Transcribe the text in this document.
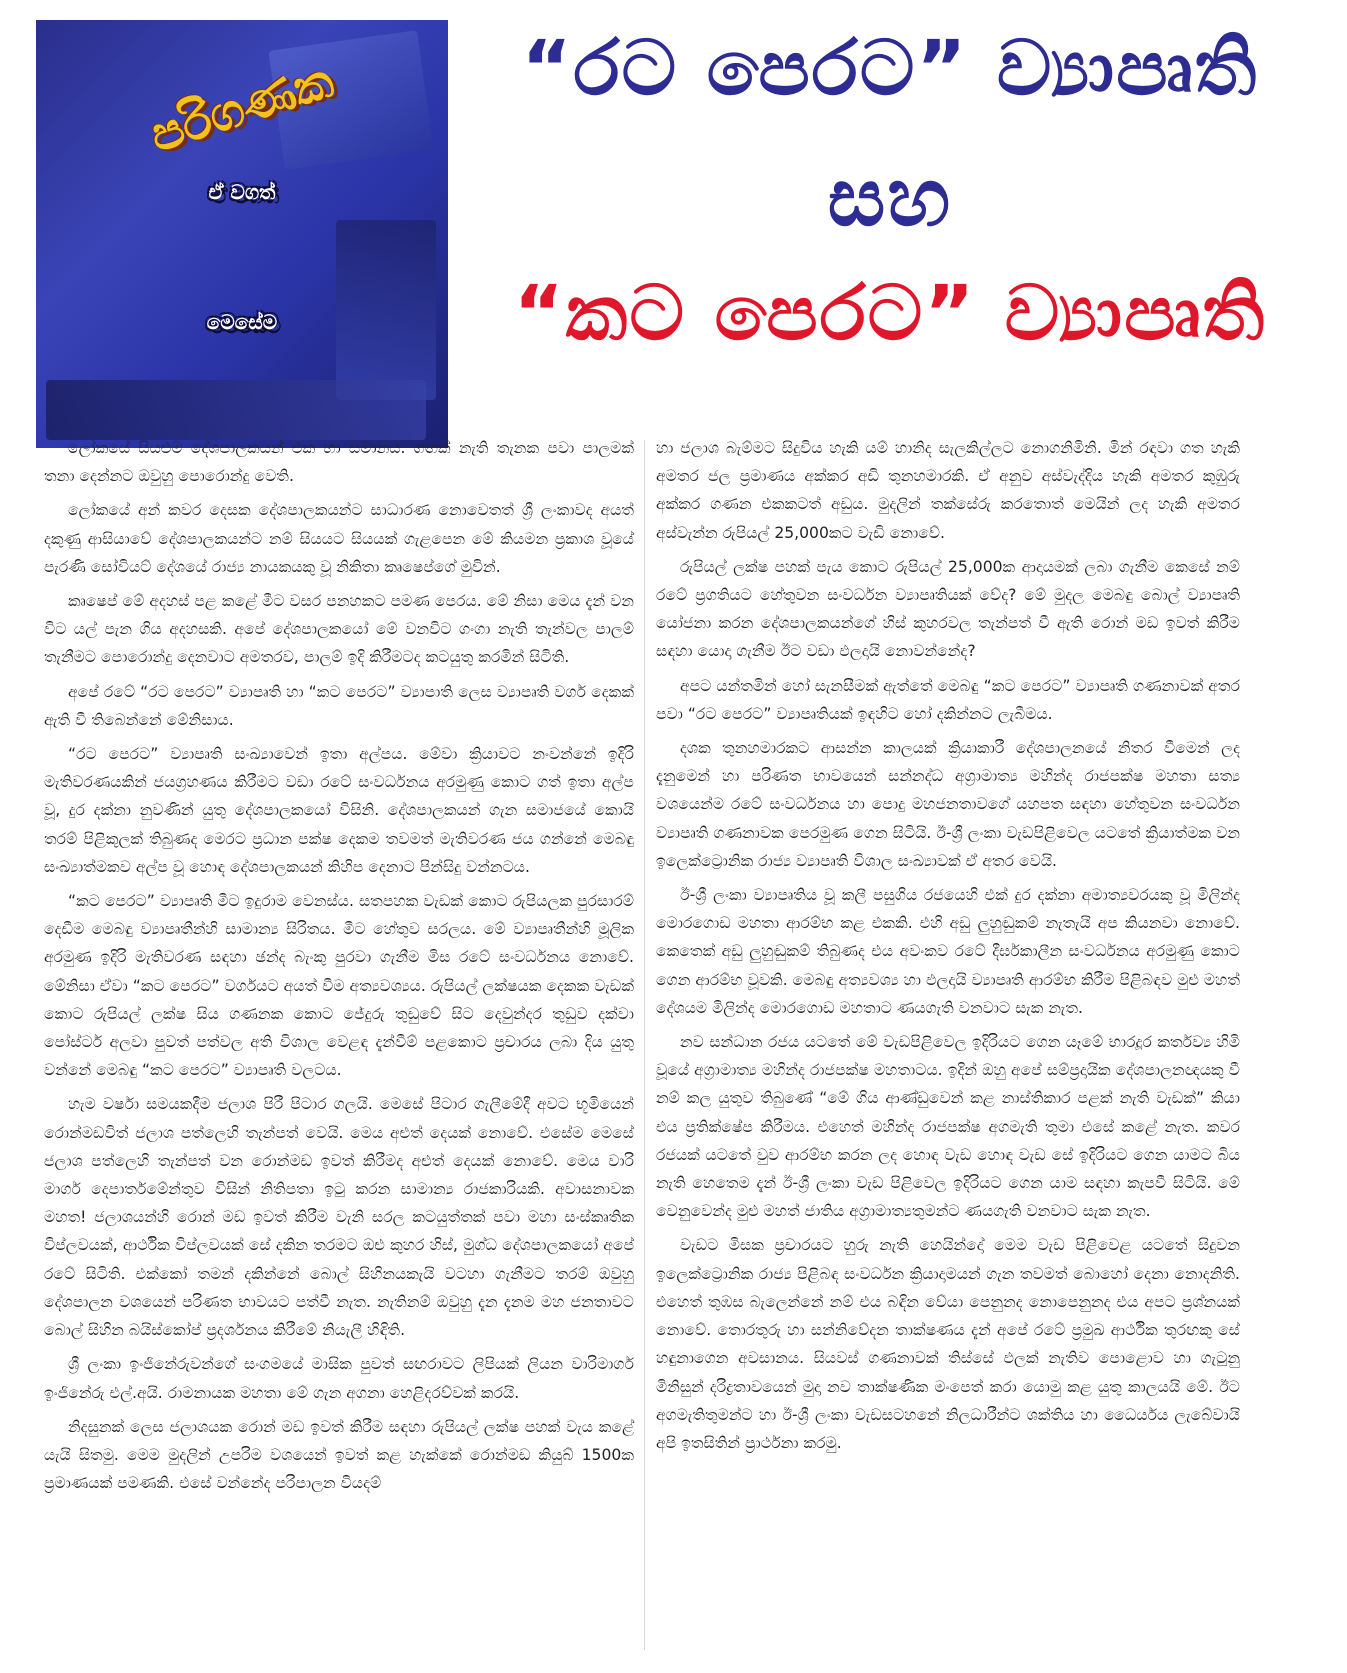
පරිගණක
ඒ වගත්
මෙසේම
“රට පෙරට” ව්‍යාපෘති
සහ
“කට පෙරට” ව්‍යාපෘති

ලෝකයේ සියළුම දේශපාලකයන් එක හා සමානය. ගඟක් නැති තැනක පවා පාලමක් තනා දෙන්නට ඔවුහු පොරොන්දු වෙති.

ලෝකයේ අන් කවර දෙසක දේශපාලකයන්ට සාධාරණ නොවෙතත් ශ්‍රී ලංකාවද අයත් දකුණු ආසියාවේ දේශපාලකයන්ට නම් සියයට සියයක් ගැළපෙන මේ කියමන ප්‍රකාශ වූයේ පැරණි සෝවියට් දේශයේ රාජ්‍ය නායකයකු වූ නිකිතා කෘෂෙප්ගේ මුවින්.

කෘෂෙප් මේ අදහස් පළ කළේ මීට වසර පනහකට පමණ පෙරය. මේ නිසා මෙය දැන් වන විට යල් පැන ගිය අදහසකි. අපේ දේශපාලකයෝ මේ වනවිට ගංගා නැති තැන්වල පාලම් තැනීමට පොරොන්දු දෙනවාට අමතරව, පාලම් ඉදි කිරීමටද කටයුතු කරමින් සිටිති.

අපේ රටේ “රට පෙරට” ව්‍යාපෘති හා “කට පෙරට” ව්‍යාපාති ලෙස ව්‍යාපෘති වර්ග දෙකක් ඇති වී තිබෙන්නේ මේනිසාය.

“රට පෙරට” ව්‍යාපෘති සංඛ්‍යාවෙන් ඉතා අල්පය. මේවා ක්‍රියාවට නංවන්නේ ඉදිරි මැතිවරණයකින් ජයග්‍රහණය කිරීමට වඩා රටේ සංවර්ධනය අරමුණු කොට ගත් ඉතා අල්ප වූ, දුර දක්නා නුවණින් යුතු දේශපාලකයෝ විසිනි. දේශපාලකයන් ගැන සමාජයේ කොයි තරම් පිළිකුලක් තිබුණද මෙරට ප්‍රධාන පක්ෂ දෙකම තවමත් මැතිවරණ ජය ගන්නේ මෙබඳු සංඛ්‍යාත්මකව අල්ප වූ හොඳ දේශපාලකයන් කිහිප දෙනාට පින්සිදු වන්නටය.

“කට පෙරට” ව්‍යාපෘති මීට ඉදුරාම වෙනස්ය. සතපහක වැඩක් කොට රුපියලක පුරසාරම් දෙඩීම මෙබඳු ව්‍යාපෘතීන්හි සාමාන්‍ය සිරිතය. මීට හේතුව සරලය. මේ ව්‍යාපෘතීන්හි මූලික අරමුණ ඉදිරි මැතිවරණ සඳහා ඡන්ද බැංකු පුරවා ගැනීම මිස රටේ සංවර්ධනය නොවේ. මේනිසා ඒවා “කට පෙරට” වර්ගයට අයත් වීම අත්‍යවශ්‍යය. රුපියල් ලක්ෂයක දෙකක වැඩක් කොට රුපියල් ලක්ෂ සිය ගණනක කොට ජේදුරු තුඩුවේ සිට දෙවුන්දර තුඩුව දක්වා පෝස්ටර් අලවා පුවත් පත්වල අති විශාල වෙළඳ දැන්වීම් පළකොට ප්‍රචාරය ලබා දිය යුතු වන්නේ මෙබඳු “කට පෙරට” ව්‍යාපෘති වලටය.

හැම වර්ෂා සමයකදීම ජලාශ පිරී පිටාර ගලයි. මෙසේ පිටාර ගැලීමේදී අවට භූමියෙන් රොන්මඩවිත් ජලාශ පත්ලෙහි තැන්පත් වෙයි. මෙය අළුත් දෙයක් නොවේ. එසේම මෙසේ ජලාශ පත්ලෙහි තැන්පත් වන රොන්මඩ ඉවත් කිරීමද අළුත් දෙයක් නොවේ. මෙය වාරි මාර්ග දෙපාර්තමේන්තුව විසින් නිතිපතා ඉටු කරන සාමාන්‍ය රාජකාරියකි. අවාසනාවක මහත! ජලාශයන්හි රොන් මඩ ඉවත් කිරීම වැනි සරල කටයුත්තක් පවා මහා සංස්කෘතික විප්ලවයක්, ආර්ථික විප්ලවයක් සේ දකින තරමට ඔළු කුහර හිස්, මුග්ධ දේශපාලකයෝ අපේ රටේ සිටිති. එක්කෝ තමන් දකින්නේ බොල් සිහිනයකැයි වටහා ගැනීමට තරම් ඔවුහු දේශපාලන වශයෙන් පරිණත භාවයට පත්වී නැත. නැතිනම් ඔවුහු දැන දැනම මහ ජනතාවට බොල් සිහින බයිස්කෝප් ප්‍රදර්ශනය කිරීමේ නියැලී හිඳිති.

ශ්‍රී ලංකා ඉංජිනේරුවන්ගේ සංගමයේ මාසික පුවත් සඟරාවට ලිපියක් ලියන වාරිමාර්ග ඉංජිනේරු එල්.අයි. රාමනායක මහතා මේ ගැන අගනා හෙළිදරව්වක් කරයි.

නිදසුනක් ලෙස ජලාශයක රොන් මඩ ඉවත් කිරීම සඳහා රුපියල් ලක්ෂ පහක් වැය කළේ යැයි සිතමු. මෙම මුදලින් උපරිම වශයෙන් ඉවත් කළ හැක්කේ රොන්මඩ කියුබ් 1500ක ප්‍රමාණයක් පමණකි. එසේ වන්නේද පරිපාලන වියදම්

හා ජලාශ බැම්මට සිදුවිය හැකි යම් හානිද සැලකිල්ලට නොගනිමිනි. මින් රඳවා ගත හැකි අමතර ජල ප්‍රමාණය අක්කර අඩි තුනහමාරකි. ඒ අනුව අස්වැද්දිය හැකි අමතර කුඹුරු අක්කර ගණන එකකටත් අඩුය. මුදලින් තක්සේරු කරතොත් මෙයින් ලද හැකි අමතර අස්වැන්න රුපියල් 25,000කට වැඩි නොවේ.

රුපියල් ලක්ෂ පහක් පැය කොට රුපියල් 25,000ක ආදායමක් ලබා ගැනීම කෙසේ නම් රටේ ප්‍රගතියට හේතුවන සංවර්ධන ව්‍යාපෘතියක් වේද? මේ මුදල මෙබඳු බොල් ව්‍යාපෘති යෝජනා කරන දේශපාලකයන්ගේ හිස් කුහරවල තැන්පත් වී ඇති රොන් මඩ ඉවත් කිරීම සඳහා යොදා ගැනීම ඊට වඩා ඵලදායි නොවන්නේද?

අපට යන්තමින් හෝ සැනසීමක් ඇත්තේ මෙබඳු “කට පෙරට” ව්‍යාපෘති ගණනාවක් අතර පවා “රට පෙරට” ව්‍යාපෘතියක් ඉඳහිට හෝ දකින්නට ලැබීමය.

දශක තුනහමාරකට ආසන්න කාලයක් ක්‍රියාකාරී දේශපාලනයේ නිතර වීමෙන් ලද දැනුමෙන් හා පරිණත භාවයෙන් සන්නද්ධ අග්‍රාමාත්‍ය මහින්ද රාජපක්ෂ මහතා සත්‍ය වශයෙන්ම රටේ සංවර්ධනය හා පොදු මහජනතාවගේ යහපත සඳහා හේතුවන සංවර්ධන ව්‍යාපෘති ගණනාවක පෙරමුණ ගෙන සිටියි. ඊ-ශ්‍රී ලංකා වැඩපිළිවෙල යටතේ ක්‍රියාත්මක වන ඉලෙක්ට්‍රොනික රාජ්‍ය ව්‍යාපෘති විශාල සංඛ්‍යාවක් ඒ අතර වෙයි.

ඊ-ශ්‍රී ලංකා ව්‍යාපෘතිය වූ කලී පසුගිය රජයෙහි එක් දුර දක්නා අමාත්‍යවරයකු වූ මිලින්ද මොරගොඩ මහතා ආරම්භ කළ එකකි. එහි අඩු ලුහුඬුකම් නැතැයි අප කියනවා නොවේ. කෙතෙක් අඩු ලුහුඬුකම් තිබුණද එය අවංකව රටේ දීර්ඝකාලීන සංවර්ධනය අරමුණු කොට ගෙන ආරම්භ වූවකි. මෙබඳු අත්‍යවශ්‍ය හා ඵලදායි ව්‍යාපෘති ආරම්භ කිරීම පිළිබඳව මුළු මහත් දේශයම මිලින්ද මොරගොඩ මහතාට ණයගැති වනවාට සැක නැත.

නව සන්ධාන රජය යටතේ මේ වැඩපිළිවෙල ඉදිරියට ගෙන යෑමේ භාරදූර කර්තව්‍ය හිමි වූයේ අග්‍රාමාත්‍ය මහින්ද රාජපක්ෂ මහතාටය. ඉදින් ඔහු අපේ සම්ප්‍රදායික දේශපාලනඥයකු වී නම් කල යුතුව තිබුණේ “මේ ගිය ආණ්ඩුවෙන් කළ නාස්තිකාර පළක් නැති වැඩක්” කියා එය ප්‍රතික්ෂේප කිරීමය. එහෙත් මහින්ද රාජපක්ෂ අගමැති තුමා එසේ කළේ නැත. කවර රජයක් යටතේ වුව ආරම්භ කරන ලද හොඳ වැඩ හොඳ වැඩ සේ ඉදිරියට ගෙන යාමට බිය නැති හෙතෙම දැන් ඊ-ශ්‍රී ලංකා වැඩ පිළිවෙල ඉදිරියට ගෙන යාම සඳහා කැපවී සිටියි. මේ වෙනුවෙන්ද මුළු මහත් ජාතිය අග්‍රාමාත්‍යතුමන්ට ණයගැති වනවාට සැක නැත.

වැඩට මිසක ප්‍රචාරයට හුරු නැති හෙයින්දෝ මෙම වැඩ පිළිවෙළ යටතේ සිදුවන ඉලෙක්ට්‍රොනික රාජ්‍ය පිළිබඳ සංවර්ධන ක්‍රියාදාමයන් ගැන තවමත් බොහෝ දෙනා නොදනිති. එහෙත් තුඹස බැලෙන්නේ නම් එය බඳින වේයා පෙනුනද නොපෙනුනද එය අපට ප්‍රශ්නයක් නොවේ. තොරතුරු හා සන්නිවේදන තාක්ෂණය දැන් අපේ රටේ ප්‍රමුඛ ආර්ථික තුරඟකු සේ හඳුනාගෙන අවසානය. සියවස් ගණනාවක් තිස්සේ ඵලක් නැතිව පොළොව හා ගැටුනු මිනිසුන් දරිද්‍රතාවයෙන් මුදා නව තාක්ෂණික මංපෙත් කරා යොමු කළ යුතු කාලයයි මේ. ඊට අගමැතිතුමන්ට හා ඊ-ශ්‍රී ලංකා වැඩසටහනේ නිලධාරීන්ට ශක්තිය හා ධෛර්යය ලැබේවායි අපි ඉතසිතින් ප්‍රාර්ථනා කරමු.
